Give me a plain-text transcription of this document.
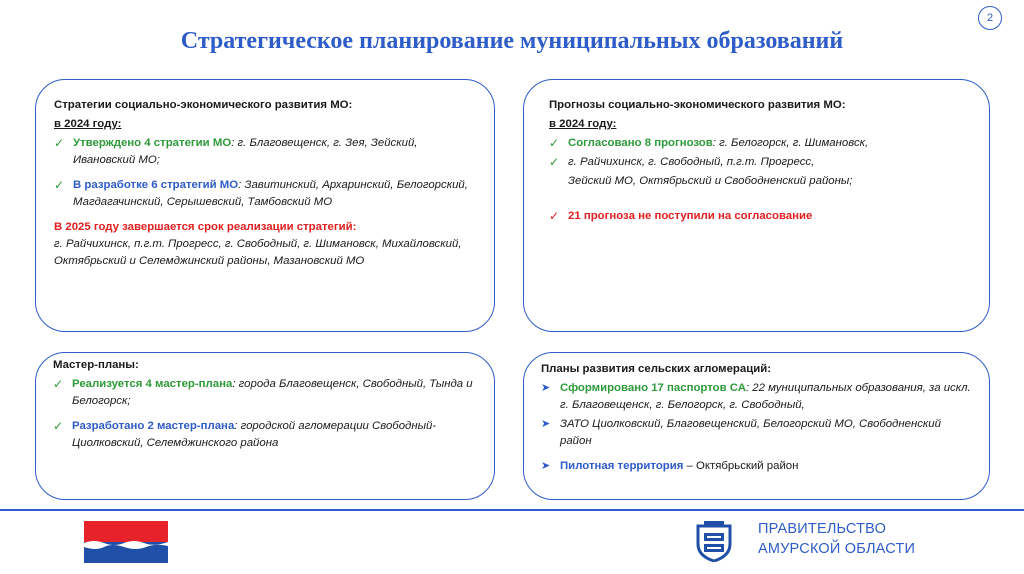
2
Стратегическое планирование муниципальных образований
Стратегии социально-экономического развития МО:
в 2024 году:
✓ Утверждено 4 стратегии МО: г. Благовещенск, г. Зея, Зейский, Ивановский МО;
✓ В разработке 6 стратегий МО: Завитинский, Архаринский, Белогорский, Магдагачинский, Серышевский, Тамбовский МО
В 2025 году завершается срок реализации стратегий:
г. Райчихинск, п.г.т. Прогресс, г. Свободный, г. Шимановск, Михайловский, Октябрьский и Селемджинский районы, Мазановский МО
Прогнозы социально-экономического развития МО:
в 2024 году:
✓ Согласовано 8 прогнозов: г. Белогорск, г. Шимановск,
✓ г. Райчихинск, г. Свободный, п.г.т. Прогресс,
Зейский МО, Октябрьский и Свободненский районы;
✓ 21 прогноза не поступили на согласование
Мастер-планы:
✓ Реализуется 4 мастер-плана: города Благовещенск, Свободный, Тында и Белогорск;
✓ Разработано 2 мастер-плана: городской агломерации Свободный-Циолковский, Селемджинского района
Планы развития сельских агломераций:
➤ Сформировано 17 паспортов СА: 22 муниципальных образования, за искл. г. Благовещенск, г. Белогорск, г. Свободный,
➤ ЗАТО Циолковский, Благовещенский, Белогорский МО, Свободненский район
➤ Пилотная территория – Октябрьский район
ПРАВИТЕЛЬСТВО
АМУРСКОЙ ОБЛАСТИ
